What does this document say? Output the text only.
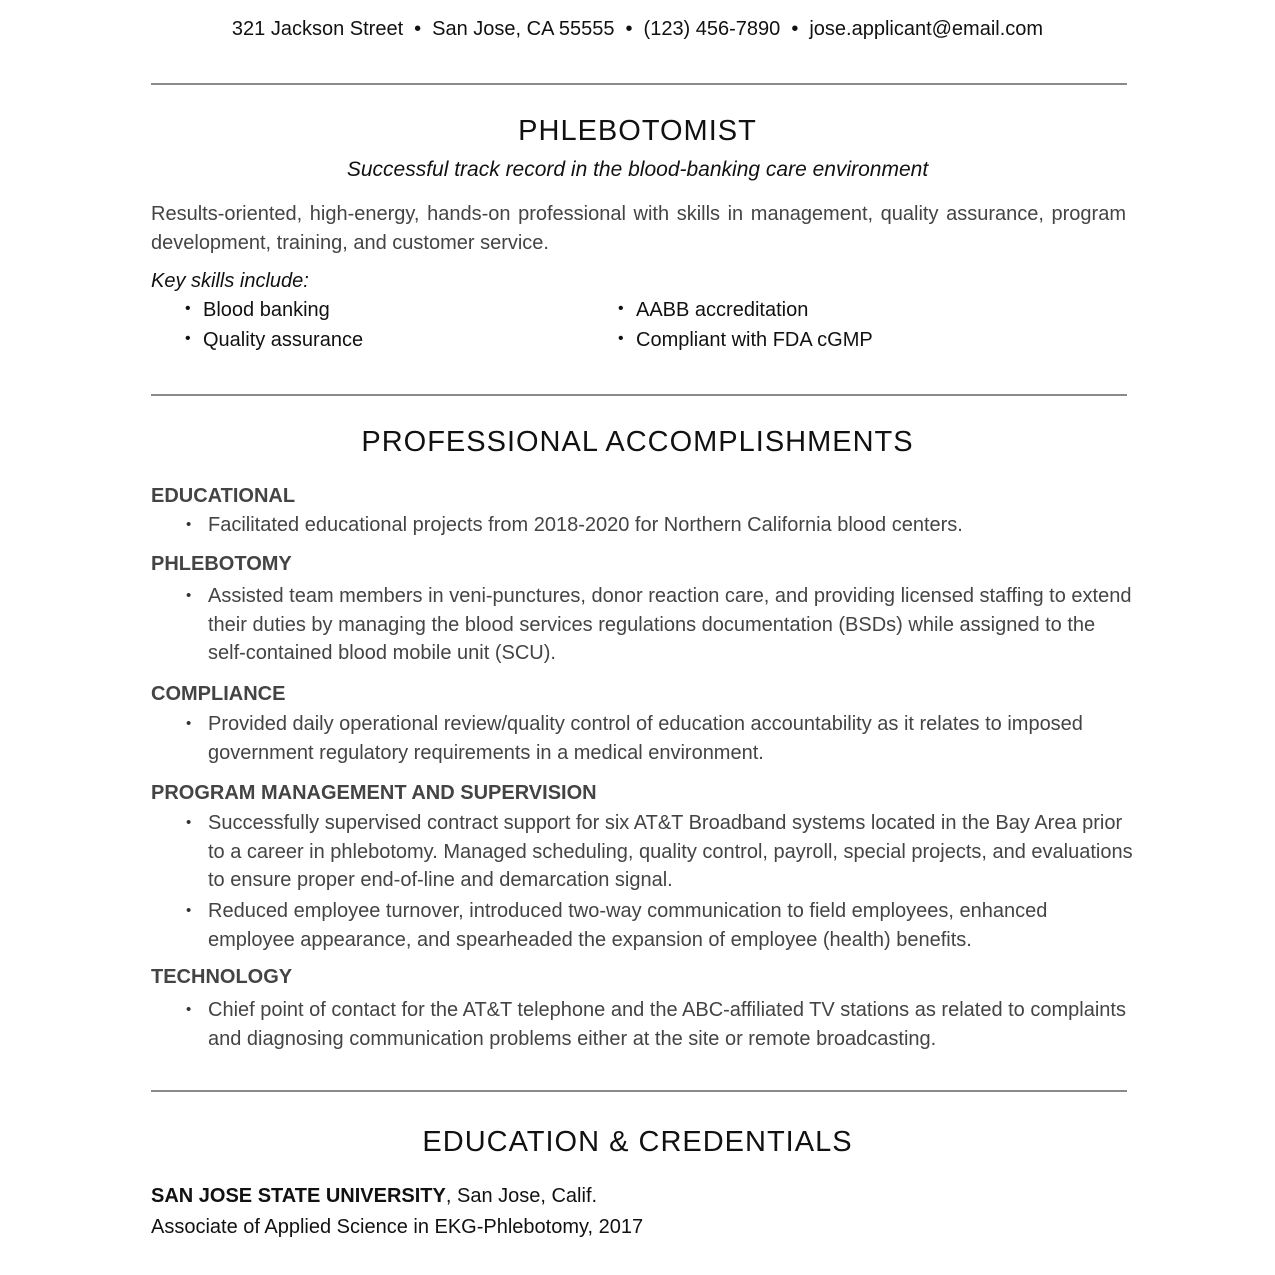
321 Jackson Street • San Jose, CA 55555 • (123) 456-7890 • jose.applicant@email.com
PHLEBOTOMIST
Successful track record in the blood-banking care environment
Results-oriented, high-energy, hands-on professional with skills in management, quality assurance, program development, training, and customer service.
Key skills include:
• Blood banking	• AABB accreditation
• Quality assurance	• Compliant with FDA cGMP
PROFESSIONAL ACCOMPLISHMENTS
EDUCATIONAL
• Facilitated educational projects from 2018-2020 for Northern California blood centers.
PHLEBOTOMY
• Assisted team members in veni-punctures, donor reaction care, and providing licensed staffing to extend their duties by managing the blood services regulations documentation (BSDs) while assigned to the self-contained blood mobile unit (SCU).
COMPLIANCE
• Provided daily operational review/quality control of education accountability as it relates to imposed government regulatory requirements in a medical environment.
PROGRAM MANAGEMENT AND SUPERVISION
• Successfully supervised contract support for six AT&T Broadband systems located in the Bay Area prior to a career in phlebotomy. Managed scheduling, quality control, payroll, special projects, and evaluations to ensure proper end-of-line and demarcation signal.
• Reduced employee turnover, introduced two-way communication to field employees, enhanced employee appearance, and spearheaded the expansion of employee (health) benefits.
TECHNOLOGY
• Chief point of contact for the AT&T telephone and the ABC-affiliated TV stations as related to complaints and diagnosing communication problems either at the site or remote broadcasting.
EDUCATION & CREDENTIALS
SAN JOSE STATE UNIVERSITY, San Jose, Calif.
Associate of Applied Science in EKG-Phlebotomy, 2017
